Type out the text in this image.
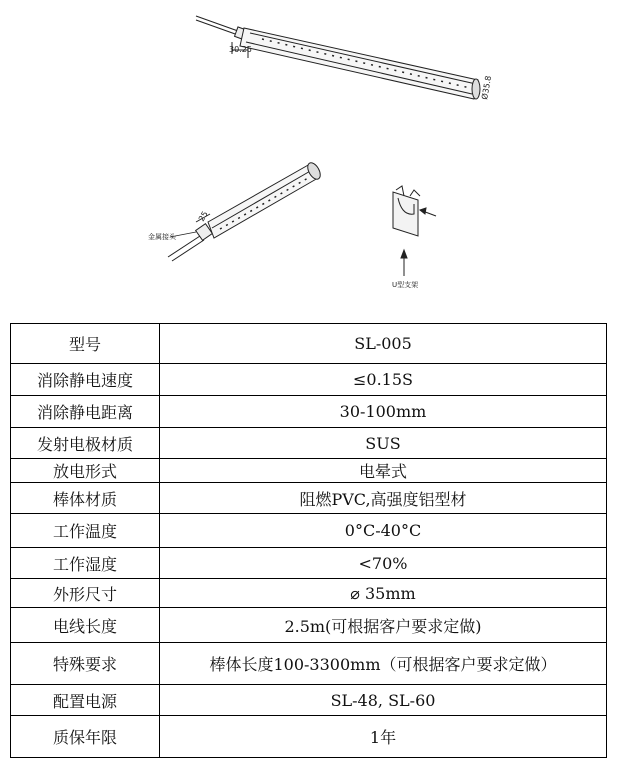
30.25
Ø35.8
25
金属接头
U型支架
型号	SL-005
消除静电速度	≤0.15S
消除静电距离	30-100mm
发射电极材质	SUS
放电形式	电晕式
棒体材质	阻燃PVC,高强度铝型材
工作温度	0°C-40°C
工作湿度	<70%
外形尺寸	⌀ 35mm
电线长度	2.5m(可根据客户要求定做)
特殊要求	棒体长度100-3300mm（可根据客户要求定做）
配置电源	SL-48, SL-60
质保年限	1年
